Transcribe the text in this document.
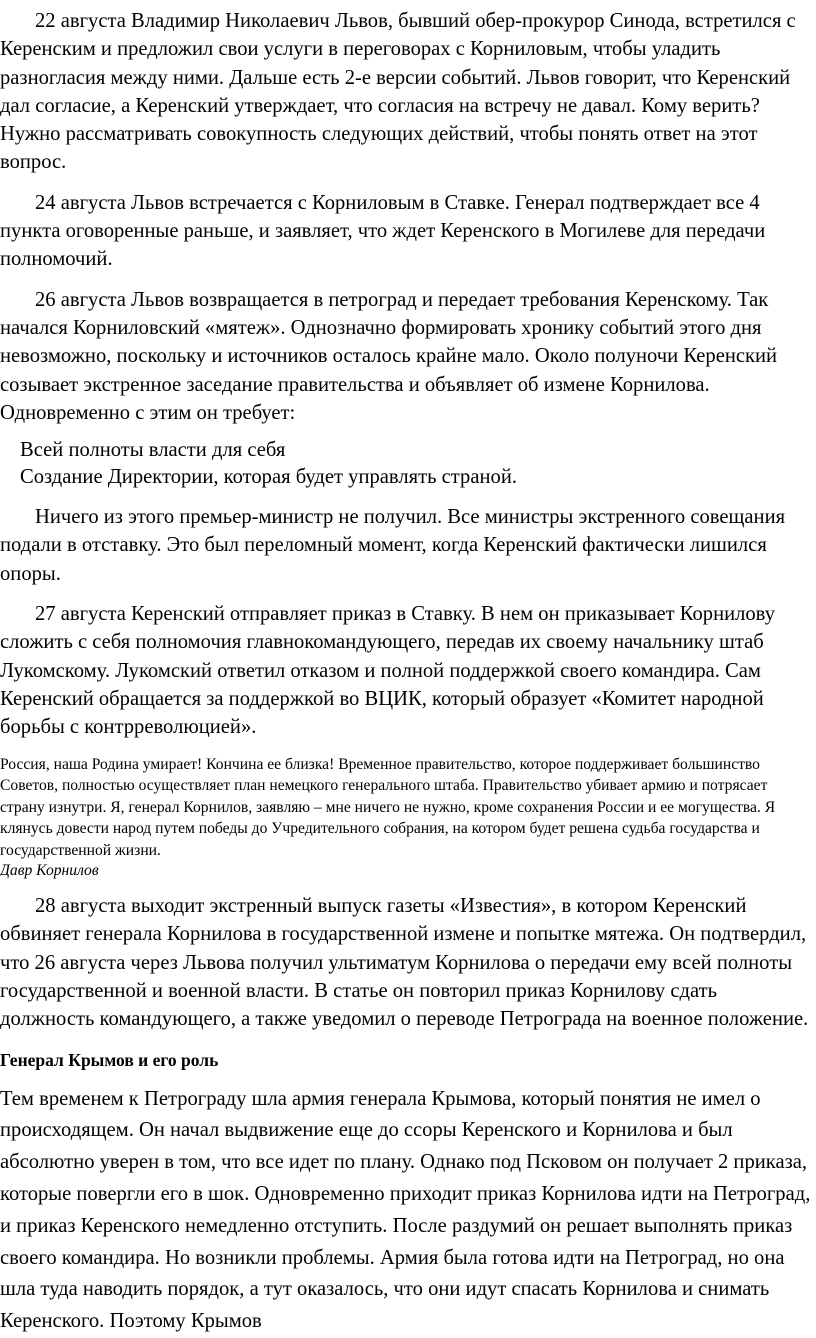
22 августа Владимир Николаевич Львов, бывший обер-прокурор Синода, встретился с Керенским и предложил свои услуги в переговорах с Корниловым, чтобы уладить разногласия между ними. Дальше есть 2-е версии событий. Львов говорит, что Керенский дал согласие, а Керенский утверждает, что согласия на встречу не давал. Кому верить? Нужно рассматривать совокупность следующих действий, чтобы понять ответ на этот вопрос.

24 августа Львов встречается с Корниловым в Ставке. Генерал подтверждает все 4 пункта оговоренные раньше, и заявляет, что ждет Керенского в Могилеве для передачи полномочий.

26 августа Львов возвращается в петроград и передает требования Керенскому. Так начался Корниловский «мятеж». Однозначно формировать хронику событий этого дня невозможно, поскольку и источников осталось крайне мало. Около полуночи Керенский созывает экстренное заседание правительства и объявляет об измене Корнилова. Одновременно с этим он требует:

Всей полноты власти для себя
Создание Директории, которая будет управлять страной.

Ничего из этого премьер-министр не получил. Все министры экстренного совещания подали в отставку. Это был переломный момент, когда Керенский фактически лишился опоры.

27 августа Керенский отправляет приказ в Ставку. В нем он приказывает Корнилову сложить с себя полномочия главнокомандующего, передав их своему начальнику штаб Лукомскому. Лукомский ответил отказом и полной поддержкой своего командира. Сам Керенский обращается за поддержкой во ВЦИК, который образует «Комитет народной борьбы с контрреволюцией».

Россия, наша Родина умирает! Кончина ее близка! Временное правительство, которое поддерживает большинство Советов, полностью осуществляет план немецкого генерального штаба. Правительство убивает армию и потрясает страну изнутри. Я, генерал Корнилов, заявляю – мне ничего не нужно, кроме сохранения России и ее могущества. Я клянусь довести народ путем победы до Учредительного собрания, на котором будет решена судьба государства и государственной жизни.

Давр Корнилов

28 августа выходит экстренный выпуск газеты «Известия», в котором Керенский обвиняет генерала Корнилова в государственной измене и попытке мятежа. Он подтвердил, что 26 августа через Львова получил ультиматум Корнилова о передачи ему всей полноты государственной и военной власти. В статье он повторил приказ Корнилову сдать должность командующего, а также уведомил о переводе Петрограда на военное положение.

Генерал Крымов и его роль

Тем временем к Петрограду шла армия генерала Крымова, который понятия не имел о происходящем. Он начал выдвижение еще до ссоры Керенского и Корнилова и был абсолютно уверен в том, что все идет по плану. Однако под Псковом он получает 2 приказа, которые повергли его в шок. Одновременно приходит приказ Корнилова идти на Петроград, и приказ Керенского немедленно отступить. После раздумий он решает выполнять приказ своего командира. Но возникли проблемы. Армия была готова идти на Петроград, но она шла туда наводить порядок, а тут оказалось, что они идут спасать Корнилова и снимать Керенского. Поэтому Крымов
